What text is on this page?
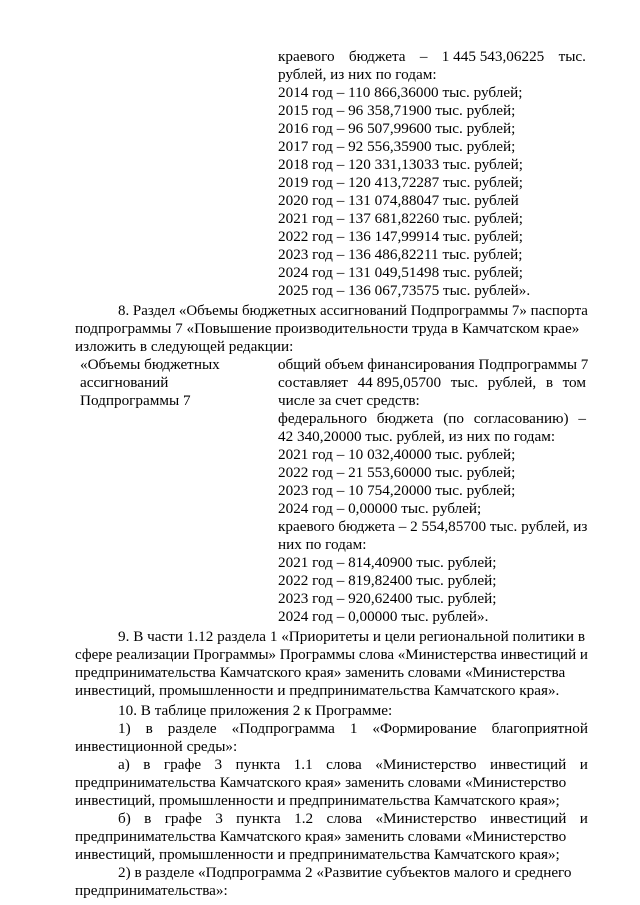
краевого бюджета – 1 445 543,06225 тыс.
рублей, из них по годам:
2014 год – 110 866,36000 тыс. рублей;
2015 год – 96 358,71900 тыс. рублей;
2016 год – 96 507,99600 тыс. рублей;
2017 год – 92 556,35900 тыс. рублей;
2018 год – 120 331,13033 тыс. рублей;
2019 год – 120 413,72287 тыс. рублей;
2020 год – 131 074,88047 тыс. рублей
2021 год – 137 681,82260 тыс. рублей;
2022 год – 136 147,99914 тыс. рублей;
2023 год – 136 486,82211 тыс. рублей;
2024 год – 131 049,51498 тыс. рублей;
2025 год – 136 067,73575 тыс. рублей».
8. Раздел «Объемы бюджетных ассигнований Подпрограммы 7» паспорта
подпрограммы 7 «Повышение производительности труда в Камчатском крае»
изложить в следующей редакции:
«Объемы бюджетных
ассигнований
Подпрограммы 7
общий объем финансирования Подпрограммы 7
составляет 44 895,05700 тыс. рублей, в том
числе за счет средств:
федерального бюджета (по согласованию) –
42 340,20000 тыс. рублей, из них по годам:
2021 год – 10 032,40000 тыс. рублей;
2022 год – 21 553,60000 тыс. рублей;
2023 год – 10 754,20000 тыс. рублей;
2024 год – 0,00000 тыс. рублей;
краевого бюджета – 2 554,85700 тыс. рублей, из
них по годам:
2021 год – 814,40900 тыс. рублей;
2022 год – 819,82400 тыс. рублей;
2023 год – 920,62400 тыс. рублей;
2024 год – 0,00000 тыс. рублей».
9. В части 1.12 раздела 1 «Приоритеты и цели региональной политики в
сфере реализации Программы» Программы слова «Министерства инвестиций и
предпринимательства Камчатского края» заменить словами «Министерства
инвестиций, промышленности и предпринимательства Камчатского края».
10. В таблице приложения 2 к Программе:
1) в разделе «Подпрограмма 1 «Формирование благоприятной
инвестиционной среды»:
а) в графе 3 пункта 1.1 слова «Министерство инвестиций и
предпринимательства Камчатского края» заменить словами «Министерство
инвестиций, промышленности и предпринимательства Камчатского края»;
б) в графе 3 пункта 1.2 слова «Министерство инвестиций и
предпринимательства Камчатского края» заменить словами «Министерство
инвестиций, промышленности и предпринимательства Камчатского края»;
2) в разделе «Подпрограмма 2 «Развитие субъектов малого и среднего
предпринимательства»:
